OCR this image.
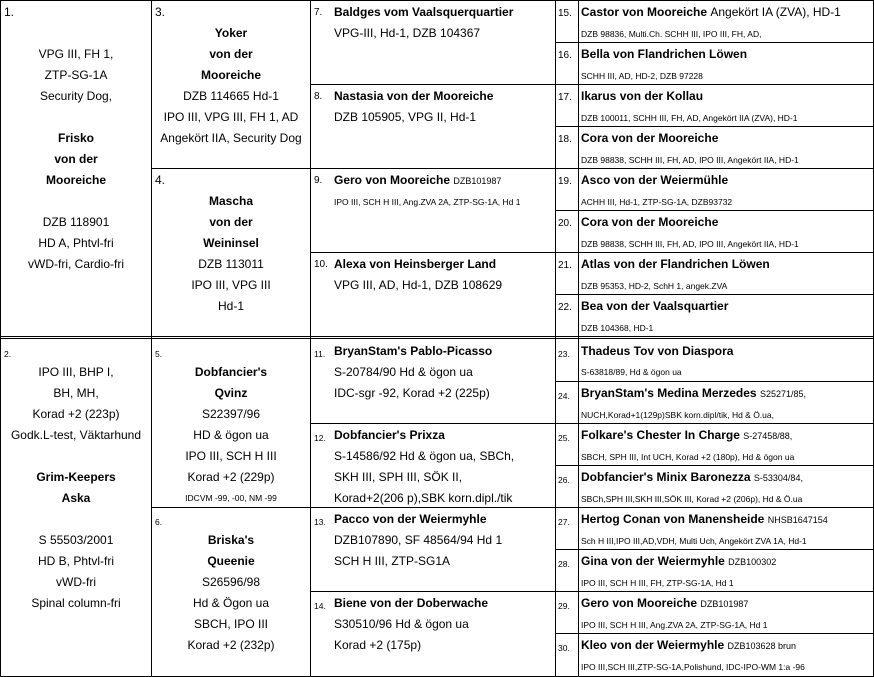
1.
VPG III, FH 1,
ZTP-SG-1A
Security Dog,
Frisko
von der
Mooreiche
DZB 118901
HD A, Phtvl-fri
vWD-fri, Cardio-fri
2.
IPO III, BHP I,
BH, MH,
Korad +2 (223p)
Godk.L-test, Väktarhund
Grim-Keepers
Aska
S 55503/2001
HD B, Phtvl-fri
vWD-fri
Spinal column-fri
3.
Yoker
von der
Mooreiche
DZB 114665 Hd-1
IPO III, VPG III, FH 1, AD
Angekört IIA, Security Dog
4.
Mascha
von der
Weininsel
DZB 113011
IPO III, VPG III
Hd-1
5.
Dobfancier's
Qvinz
S22397/96
HD & ögon ua
IPO III, SCH H III
Korad +2 (229p)
IDCVM -99, -00, NM -99
6.
Briska's
Queenie
S26596/98
Hd & Ögon ua
SBCH, IPO III
Korad +2 (232p)
7. Baldges vom Vaalsquerquartier
VPG-III, Hd-1, DZB 104367
8. Nastasia von der Mooreiche
DZB 105905, VPG II, Hd-1
9. Gero von Mooreiche DZB101987
IPO III, SCH H III, Ang.ZVA 2A, ZTP-SG-1A, Hd 1
10. Alexa von Heinsberger Land
VPG III, AD, Hd-1, DZB 108629
11. BryanStam's Pablo-Picasso
S-20784/90 Hd & ögon ua
IDC-sgr -92, Korad +2 (225p)
12. Dobfancier's Prixza
S-14586/92 Hd & ögon ua, SBCh,
SKH III, SPH III, SÖK II,
Korad+2(206 p),SBK korn.dipl./tik
13. Pacco von der Weiermyhle
DZB107890, SF 48564/94 Hd 1
SCH H III, ZTP-SG1A
14. Biene von der Doberwache
S30510/96 Hd & ögon ua
Korad +2 (175p)
15. Castor von Mooreiche Angekört IA (ZVA), HD-1
DZB 98836, Multi.Ch. SCHH III, IPO III, FH, AD,
16. Bella von Flandrichen Löwen
SCHH III, AD, HD-2, DZB 97228
17. Ikarus von der Kollau
DZB 100011, SCHH III, FH, AD, Angekört IIA (ZVA), HD-1
18. Cora von der Mooreiche
DZB 98838, SCHH III, FH, AD, IPO III, Angekört IIA, HD-1
19. Asco von der Weiermühle
ACHH III, Hd-1, ZTP-SG-1A, DZB93732
20. Cora von der Mooreiche
DZB 98838, SCHH III, FH, AD, IPO III, Angekört IIA, HD-1
21. Atlas von der Flandrichen Löwen
DZB 95353, HD-2, SchH 1, angek.ZVA
22. Bea von der Vaalsquartier
DZB 104368, HD-1
23. Thadeus Tov von Diaspora
S-63818/89, Hd & ögon ua
24. BryanStam's Medina Merzedes S25271/85,
NUCH,Korad+1(129p)SBK korn.dipl/tik, Hd & Ö.ua,
25. Folkare's Chester In Charge S-27458/88,
SBCH, SPH III, Int UCH, Korad +2 (180p), Hd & ögon ua
26. Dobfancier's Minix Baronezza S-53304/84,
SBCh,SPH III,SKH III,SÖK III, Korad +2 (206p), Hd & Ö.ua
27. Hertog Conan von Manensheide NHSB1647154
Sch H III,IPO III,AD,VDH, Multi Uch, Angekört ZVA 1A, Hd-1
28. Gina von der Weiermyhle DZB100302
IPO III, SCH H III, FH, ZTP-SG-1A, Hd 1
29. Gero von Mooreiche DZB101987
IPO III, SCH H III, Ang.ZVA 2A, ZTP-SG-1A, Hd 1
30. Kleo von der Weiermyhle DZB103628 brun
IPO III,SCH III,ZTP-SG-1A,Polishund, IDC-IPO-WM 1:a -96
